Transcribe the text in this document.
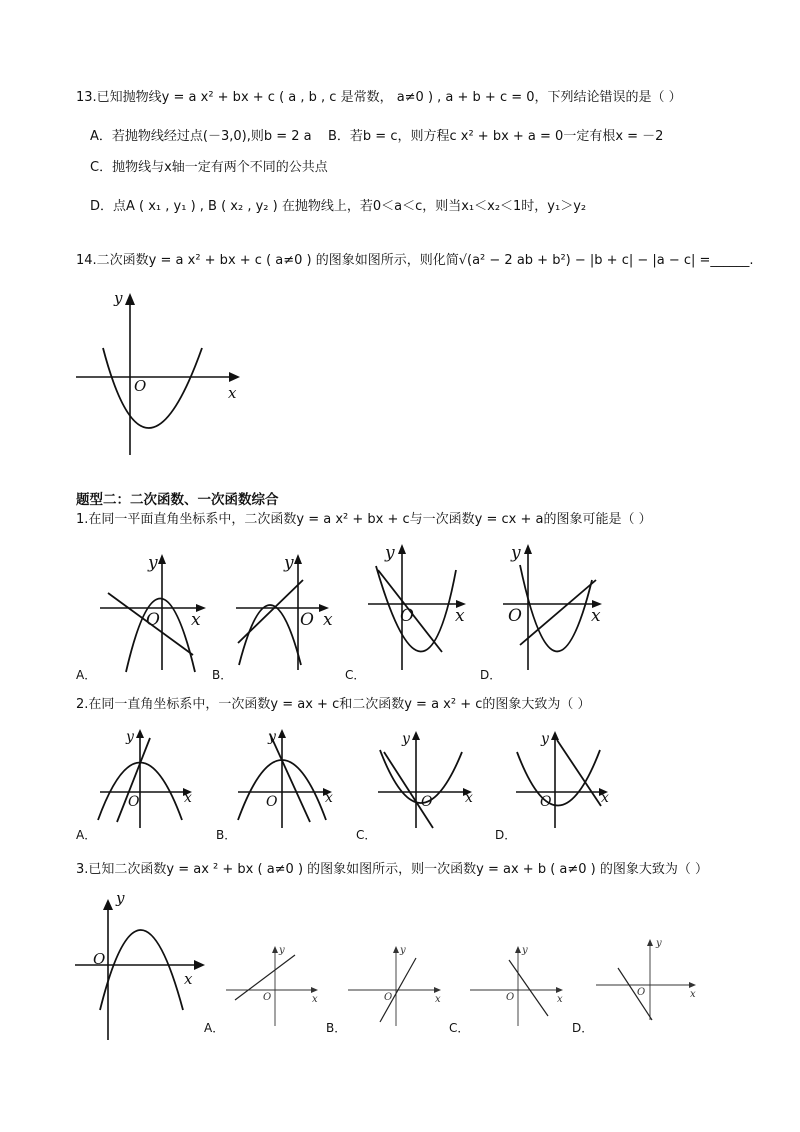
13.已知抛物线y = a x² + bx + c ( a , b , c 是常数， a≠0 ) , a + b + c = 0，下列结论错误的是（ ）
A．若抛物线经过点(－3,0),则b = 2 a B．若b = c，则方程c x² + bx + a = 0一定有根x = －2
C．抛物线与x轴一定有两个不同的公共点
D．点A ( x₁ , y₁ ) , B ( x₂ , y₂ ) 在抛物线上，若0＜a＜c，则当x₁＜x₂＜1时，y₁＞y₂
14.二次函数y = a x² + bx + c ( a≠0 ) 的图象如图所示，则化简√(a² − 2 ab + b²) − |b + c| − |a − c| =______.
y
x
O
题型二：二次函数、一次函数综合
1.在同一平面直角坐标系中，二次函数y = a x² + bx + c与一次函数y = cx + a的图象可能是（ ）
y
x
O
y
x
O
y
x
O
y
x
O
A．	B．	C．	D．
2.在同一直角坐标系中，一次函数y = ax + c和二次函数y = a x² + c的图象大致为（ ）
y
x
O
y
x
O
y
x
O
y
x
O
A．	B．	C．	D．
3.已知二次函数y = ax ² + bx ( a≠0 ) 的图象如图所示，则一次函数y = ax + b ( a≠0 ) 的图象大致为（ ）
y
x
O	y
x
O
y
x
O
y
x
O
y
x
O
A．	B．	C．	D．
